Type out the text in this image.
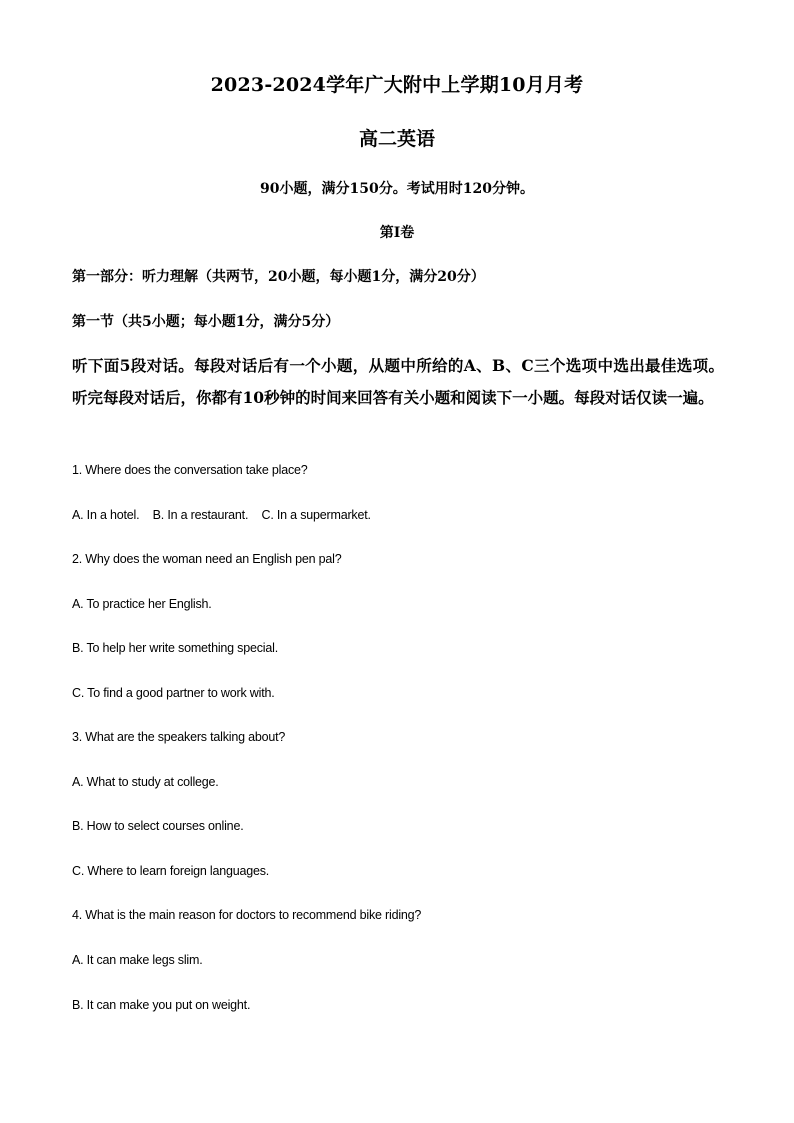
2023-2024学年广大附中上学期10月月考

高二英语

90小题，满分150分。考试用时120分钟。

第I卷

第一部分：听力理解（共两节，20小题，每小题1分，满分20分）

第一节（共5小题；每小题1分，满分5分）

听下面5段对话。每段对话后有一个小题，从题中所给的A、B、C三个选项中选出最佳选项。听完每段对话后，你都有10秒钟的时间来回答有关小题和阅读下一小题。每段对话仅读一遍。

1. Where does the conversation take place?

A. In a hotel. B. In a restaurant. C. In a supermarket.

2. Why does the woman need an English pen pal?

A. To practice her English.

B. To help her write something special.

C. To find a good partner to work with.

3. What are the speakers talking about?

A. What to study at college.

B. How to select courses online.

C. Where to learn foreign languages.

4. What is the main reason for doctors to recommend bike riding?

A. It can make legs slim.

B. It can make you put on weight.
